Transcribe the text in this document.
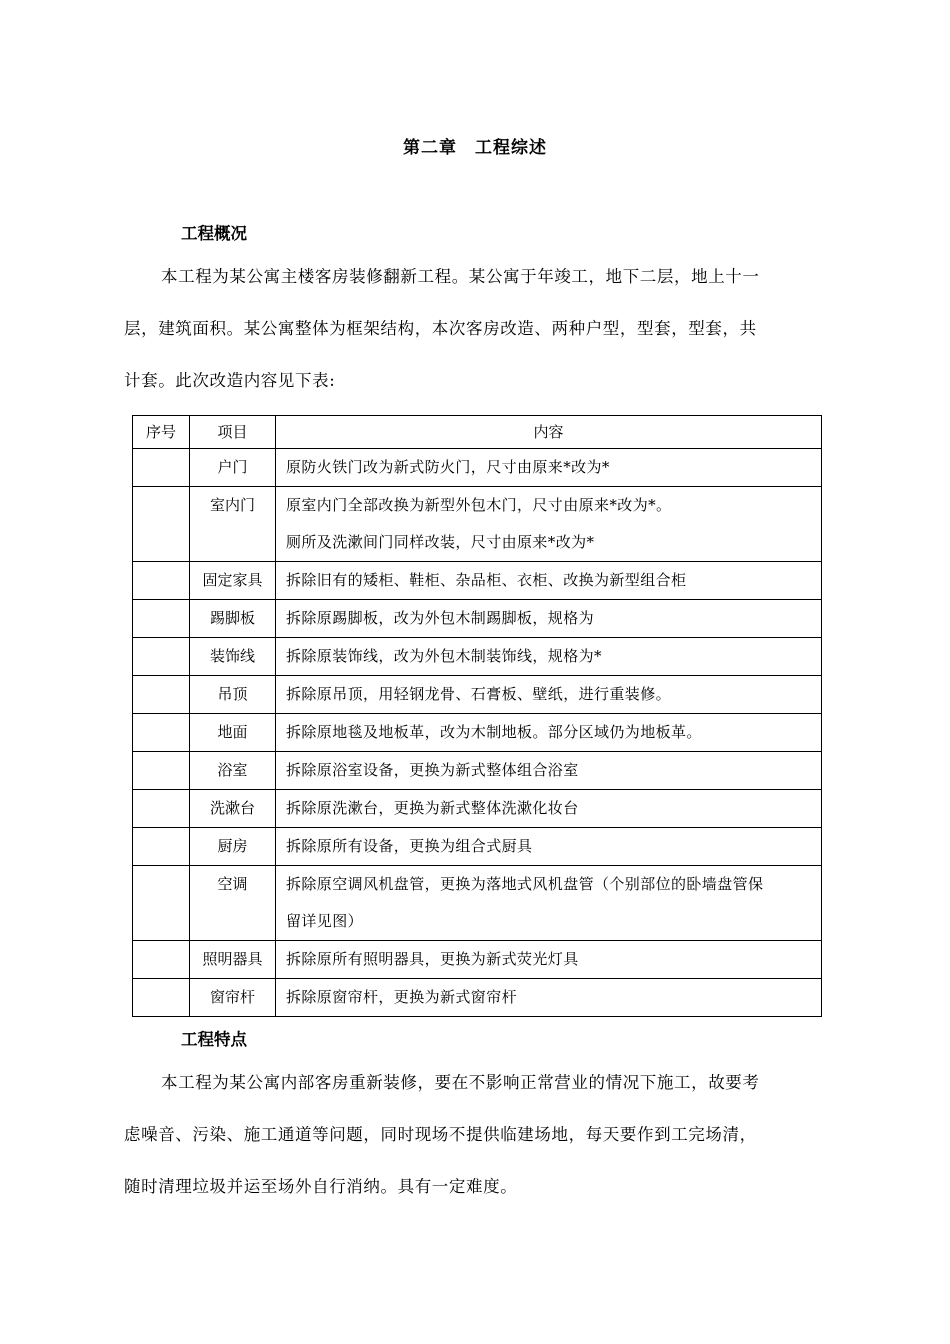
第二章　工程综述
工程概况
本工程为某公寓主楼客房装修翻新工程。某公寓于年竣工，地下二层，地上十一
层，建筑面积。某公寓整体为框架结构，本次客房改造、两种户型，型套，型套，共
计套。此次改造内容见下表:
序号	项目	内容
	户门	原防火铁门改为新式防火门，尺寸由原来*改为*
	室内门	原室内门全部改换为新型外包木门，尺寸由原来*改为*。
厕所及洗漱间门同样改装，尺寸由原来*改为*

	固定家具	拆除旧有的矮柜、鞋柜、杂品柜、衣柜、改换为新型组合柜
	踢脚板	拆除原踢脚板，改为外包木制踢脚板，规格为
	装饰线	拆除原装饰线，改为外包木制装饰线，规格为*
	吊顶	拆除原吊顶，用轻钢龙骨、石膏板、壁纸，进行重装修。
	地面	拆除原地毯及地板革，改为木制地板。部分区域仍为地板革。
	浴室	拆除原浴室设备，更换为新式整体组合浴室
	洗漱台	拆除原洗漱台，更换为新式整体洗漱化妆台
	厨房	拆除原所有设备，更换为组合式厨具
	空调	拆除原空调风机盘管，更换为落地式风机盘管（个别部位的卧墙盘管保
留详见图）

	照明器具	拆除原所有照明器具，更换为新式荧光灯具
	窗帘杆	拆除原窗帘杆，更换为新式窗帘杆
工程特点
本工程为某公寓内部客房重新装修，要在不影响正常营业的情况下施工，故要考
虑噪音、污染、施工通道等问题，同时现场不提供临建场地，每天要作到工完场清，
随时清理垃圾并运至场外自行消纳。具有一定难度。
